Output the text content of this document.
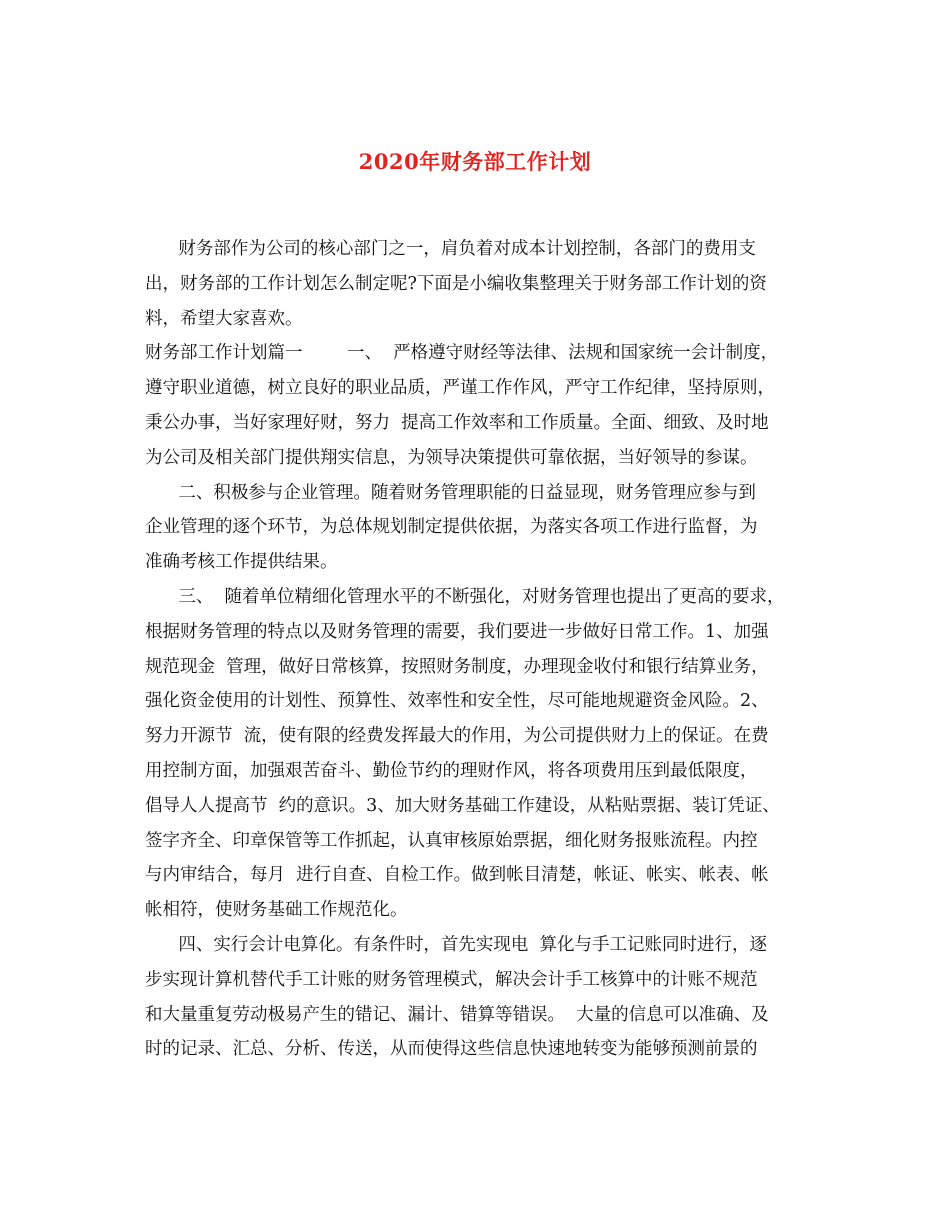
2020年财务部工作计划
财务部作为公司的核心部门之一，肩负着对成本计划控制，各部门的费用支
出，财务部的工作计划怎么制定呢?下面是小编收集整理关于财务部工作计划的资
料，希望大家喜欢。
财务部工作计划篇一        一、  严格遵守财经等法律、法规和国家统一会计制度，
遵守职业道德，树立良好的职业品质，严谨工作作风，严守工作纪律，坚持原则，
秉公办事，当好家理好财，努力  提高工作效率和工作质量。全面、细致、及时地
为公司及相关部门提供翔实信息，为领导决策提供可靠依据，当好领导的参谋。
二、积极参与企业管理。随着财务管理职能的日益显现，财务管理应参与到
企业管理的逐个环节，为总体规划制定提供依据，为落实各项工作进行监督，为
准确考核工作提供结果。
三、  随着单位精细化管理水平的不断强化，对财务管理也提出了更高的要求，
根据财务管理的特点以及财务管理的需要，我们要进一步做好日常工作。1、加强
规范现金  管理，做好日常核算，按照财务制度，办理现金收付和银行结算业务，
强化资金使用的计划性、预算性、效率性和安全性，尽可能地规避资金风险。2、
努力开源节  流，使有限的经费发挥最大的作用，为公司提供财力上的保证。在费
用控制方面，加强艰苦奋斗、勤俭节约的理财作风，将各项费用压到最低限度，
倡导人人提高节  约的意识。3、加大财务基础工作建设，从粘贴票据、装订凭证、
签字齐全、印章保管等工作抓起，认真审核原始票据，细化财务报账流程。内控
与内审结合，每月  进行自查、自检工作。做到帐目清楚，帐证、帐实、帐表、帐
帐相符，使财务基础工作规范化。
四、实行会计电算化。有条件时，首先实现电  算化与手工记账同时进行，逐
步实现计算机替代手工计账的财务管理模式，解决会计手工核算中的计账不规范
和大量重复劳动极易产生的错记、漏计、错算等错误。  大量的信息可以准确、及
时的记录、汇总、分析、传送，从而使得这些信息快速地转变为能够预测前景的
